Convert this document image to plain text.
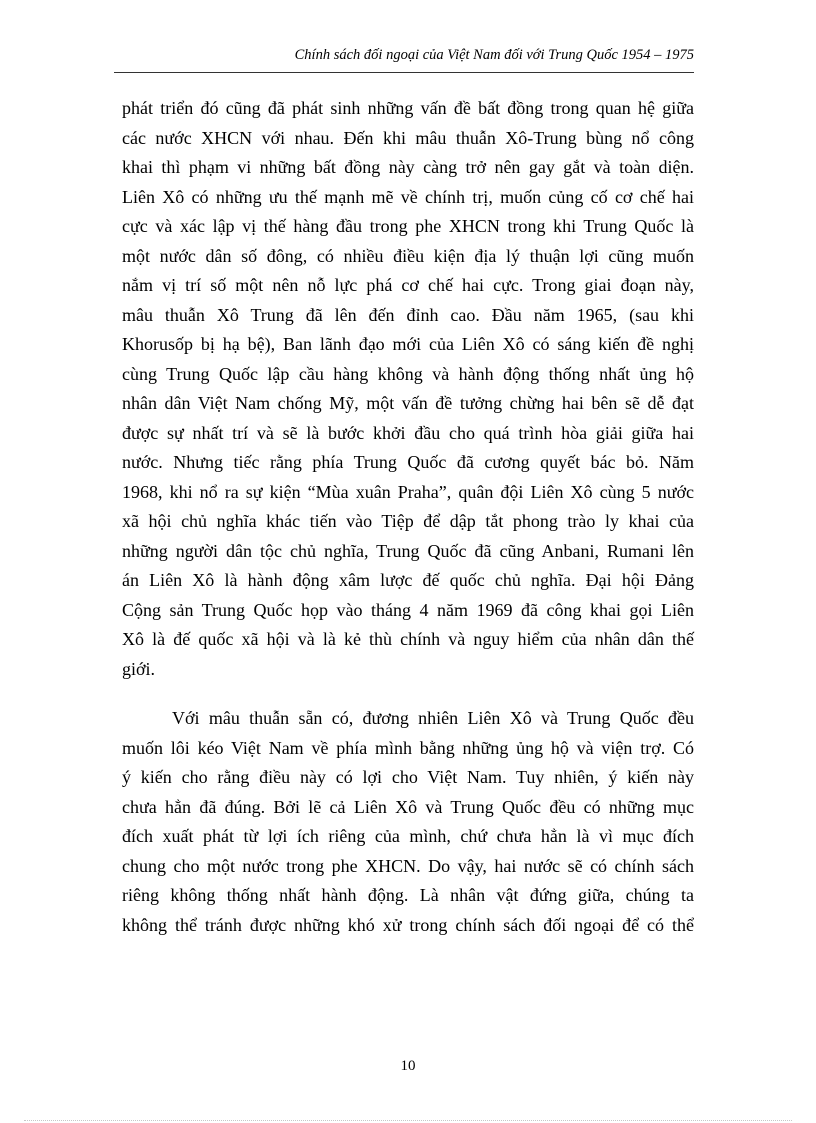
Chính sách đối ngoại của Việt Nam đối với Trung Quốc 1954 – 1975
phát triển đó cũng đã phát sinh những vấn đề bất đồng trong quan hệ giữa
các nước XHCN với nhau. Đến khi mâu thuẫn Xô-Trung bùng nổ công
khai thì phạm vi những bất đồng này càng trở nên gay gắt và toàn diện.
Liên Xô có những ưu thế mạnh mẽ về chính trị, muốn củng cố cơ chế hai
cực và xác lập vị thế hàng đầu trong phe XHCN trong khi Trung Quốc là
một nước dân số đông, có nhiều điều kiện địa lý thuận lợi cũng muốn
nắm vị trí số một nên nỗ lực phá cơ chế hai cực. Trong giai đoạn này,
mâu thuẫn Xô Trung đã lên đến đỉnh cao. Đầu năm 1965, (sau khi
Khorusốp bị hạ bệ), Ban lãnh đạo mới của Liên Xô có sáng kiến đề nghị
cùng Trung Quốc lập cầu hàng không và hành động thống nhất ủng hộ
nhân dân Việt Nam chống Mỹ, một vấn đề tưởng chừng hai bên sẽ dễ đạt
được sự nhất trí và sẽ là bước khởi đầu cho quá trình hòa giải giữa hai
nước. Nhưng tiếc rằng phía Trung Quốc đã cương quyết bác bỏ. Năm
1968, khi nổ ra sự kiện “Mùa xuân Praha”, quân đội Liên Xô cùng 5 nước
xã hội chủ nghĩa khác tiến vào Tiệp để dập tắt phong trào ly khai của
những người dân tộc chủ nghĩa, Trung Quốc đã cũng Anbani, Rumani lên
án Liên Xô là hành động xâm lược đế quốc chủ nghĩa. Đại hội Đảng
Cộng sản Trung Quốc họp vào tháng 4 năm 1969 đã công khai gọi Liên
Xô là đế quốc xã hội và là kẻ thù chính và nguy hiểm của nhân dân thế
giới.
Với mâu thuẫn sẵn có, đương nhiên Liên Xô và Trung Quốc đều
muốn lôi kéo Việt Nam về phía mình bằng những ủng hộ và viện trợ. Có
ý kiến cho rằng điều này có lợi cho Việt Nam. Tuy nhiên, ý kiến này
chưa hẳn đã đúng. Bởi lẽ cả Liên Xô và Trung Quốc đều có những mục
đích xuất phát từ lợi ích riêng của mình, chứ chưa hẳn là vì mục đích
chung cho một nước trong phe XHCN. Do vậy, hai nước sẽ có chính sách
riêng không thống nhất hành động. Là nhân vật đứng giữa, chúng ta
không thể tránh được những khó xử trong chính sách đối ngoại để có thể
10
